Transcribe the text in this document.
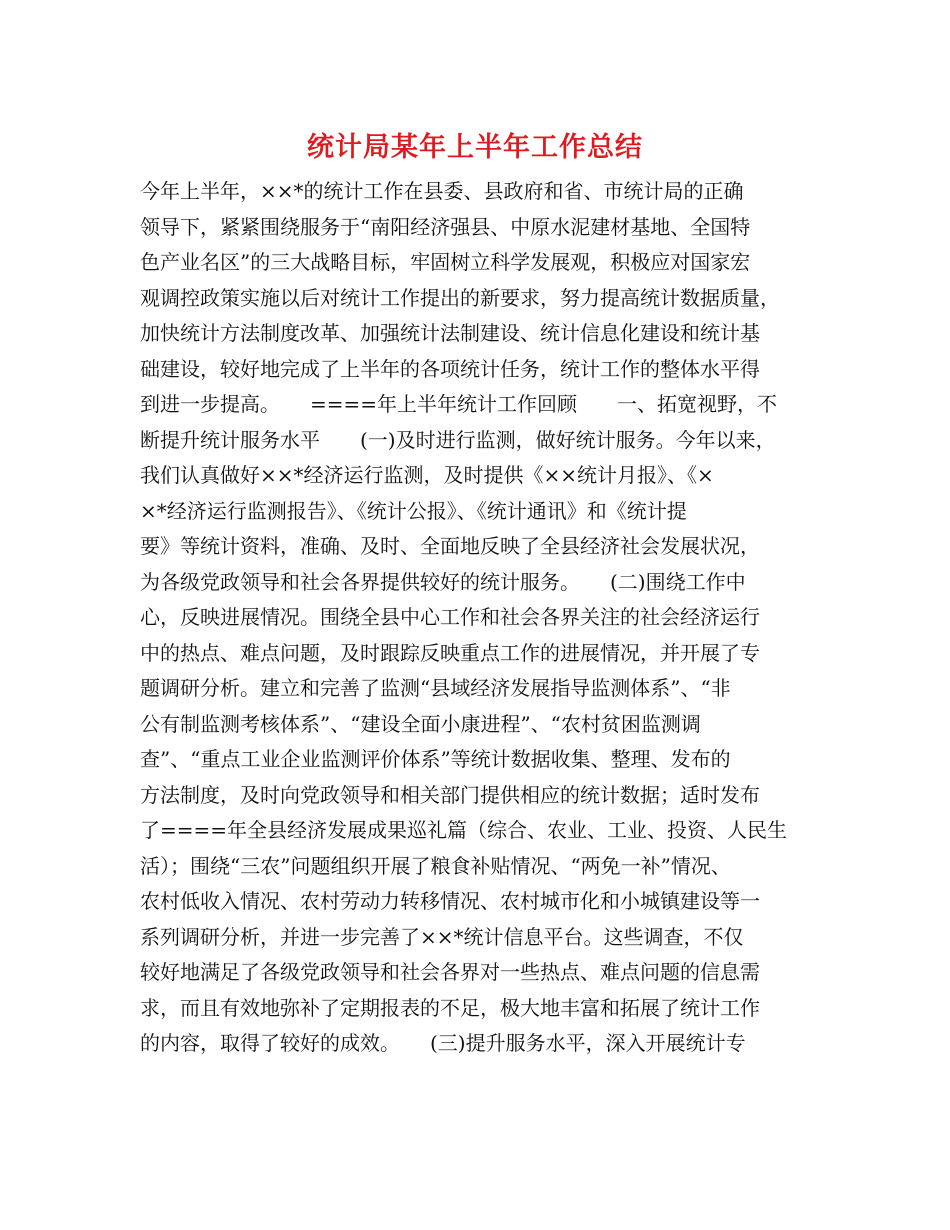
统计局某年上半年工作总结
今年上半年，××*的统计工作在县委、县政府和省、市统计局的正确
领导下，紧紧围绕服务于“南阳经济强县、中原水泥建材基地、全国特
色产业名区”的三大战略目标，牢固树立科学发展观，积极应对国家宏
观调控政策实施以后对统计工作提出的新要求，努力提高统计数据质量，
加快统计方法制度改革、加强统计法制建设、统计信息化建设和统计基
础建设，较好地完成了上半年的各项统计任务，统计工作的整体水平得
到进一步提高。　　====年上半年统计工作回顾　　一、拓宽视野，不
断提升统计服务水平　　(一)及时进行监测，做好统计服务。今年以来，
我们认真做好××*经济运行监测，及时提供《××统计月报》、《×
×*经济运行监测报告》、《统计公报》、《统计通讯》和《统计提
要》等统计资料，准确、及时、全面地反映了全县经济社会发展状况，
为各级党政领导和社会各界提供较好的统计服务。　　(二)围绕工作中
心，反映进展情况。围绕全县中心工作和社会各界关注的社会经济运行
中的热点、难点问题，及时跟踪反映重点工作的进展情况，并开展了专
题调研分析。建立和完善了监测“县域经济发展指导监测体系”、“非
公有制监测考核体系”、“建设全面小康进程”、“农村贫困监测调
查”、“重点工业企业监测评价体系”等统计数据收集、整理、发布的
方法制度，及时向党政领导和相关部门提供相应的统计数据；适时发布
了====年全县经济发展成果巡礼篇（综合、农业、工业、投资、人民生
活）；围绕“三农”问题组织开展了粮食补贴情况、“两免一补”情况、
农村低收入情况、农村劳动力转移情况、农村城市化和小城镇建设等一
系列调研分析，并进一步完善了××*统计信息平台。这些调查，不仅
较好地满足了各级党政领导和社会各界对一些热点、难点问题的信息需
求，而且有效地弥补了定期报表的不足，极大地丰富和拓展了统计工作
的内容，取得了较好的成效。　　(三)提升服务水平，深入开展统计专
